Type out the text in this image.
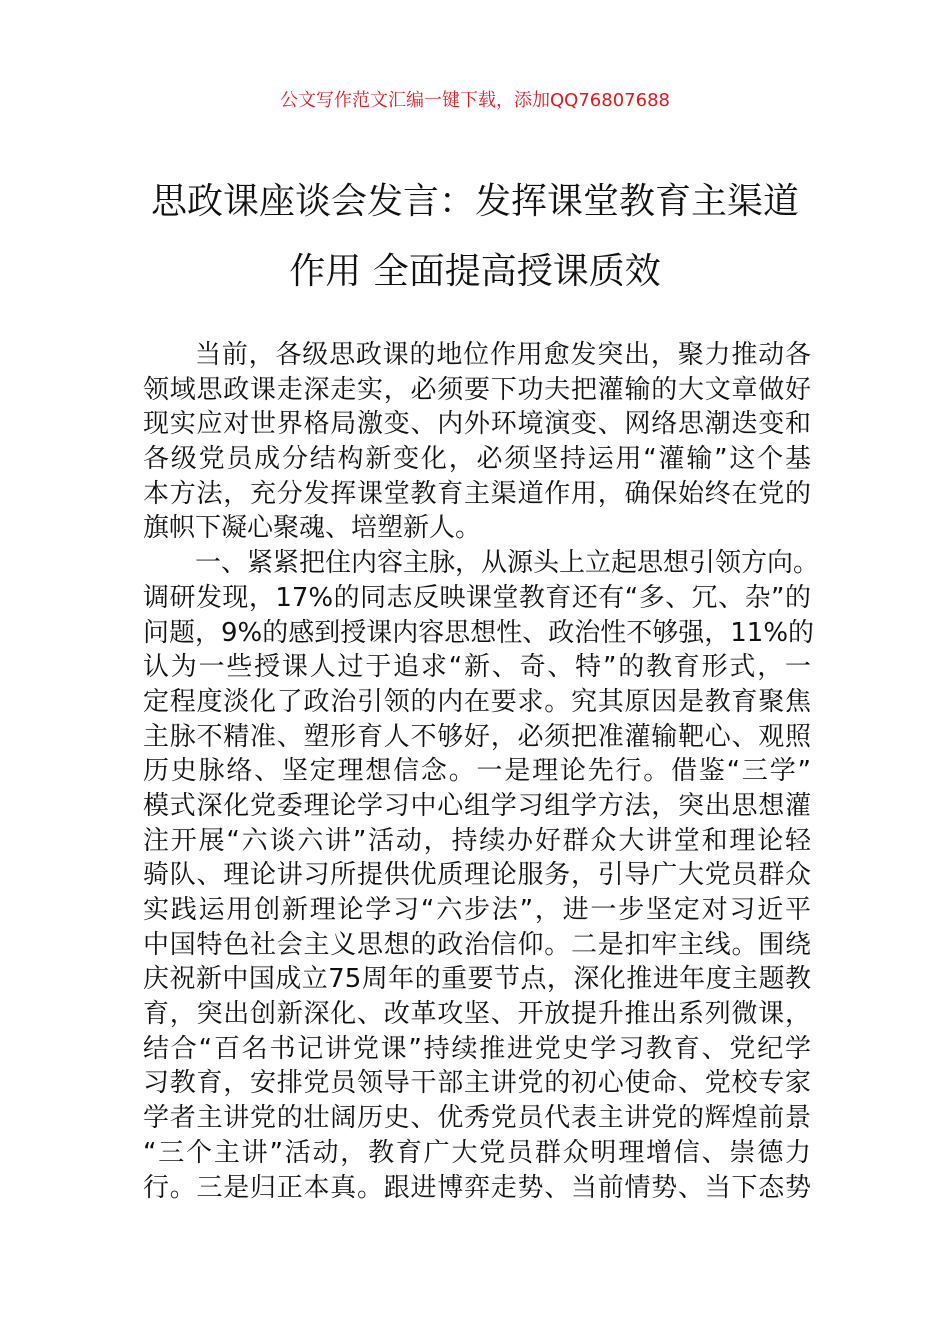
公文写作范文汇编一键下载，添加QQ76807688
思政课座谈会发言：发挥课堂教育主渠道
作用 全面提高授课质效
当前，各级思政课的地位作用愈发突出，聚力推动各
领域思政课走深走实，必须要下功夫把灌输的大文章做好
现实应对世界格局激变、内外环境演变、网络思潮迭变和
各级党员成分结构新变化，必须坚持运用“灌输”这个基
本方法，充分发挥课堂教育主渠道作用，确保始终在党的
旗帜下凝心聚魂、培塑新人。
一、紧紧把住内容主脉，从源头上立起思想引领方向。
调研发现，17%的同志反映课堂教育还有“多、冗、杂”的
问题，9%的感到授课内容思想性、政治性不够强，11%的
认为一些授课人过于追求“新、奇、特”的教育形式，一
定程度淡化了政治引领的内在要求。究其原因是教育聚焦
主脉不精准、塑形育人不够好，必须把准灌输靶心、观照
历史脉络、坚定理想信念。一是理论先行。借鉴“三学”
模式深化党委理论学习中心组学习组学方法，突出思想灌
注开展“六谈六讲”活动，持续办好群众大讲堂和理论轻
骑队、理论讲习所提供优质理论服务，引导广大党员群众
实践运用创新理论学习“六步法”，进一步坚定对习近平
中国特色社会主义思想的政治信仰。二是扣牢主线。围绕
庆祝新中国成立75周年的重要节点，深化推进年度主题教
育，突出创新深化、改革攻坚、开放提升推出系列微课，
结合“百名书记讲党课”持续推进党史学习教育、党纪学
习教育，安排党员领导干部主讲党的初心使命、党校专家
学者主讲党的壮阔历史、优秀党员代表主讲党的辉煌前景
“三个主讲”活动，教育广大党员群众明理增信、崇德力
行。三是归正本真。跟进博弈走势、当前情势、当下态势
